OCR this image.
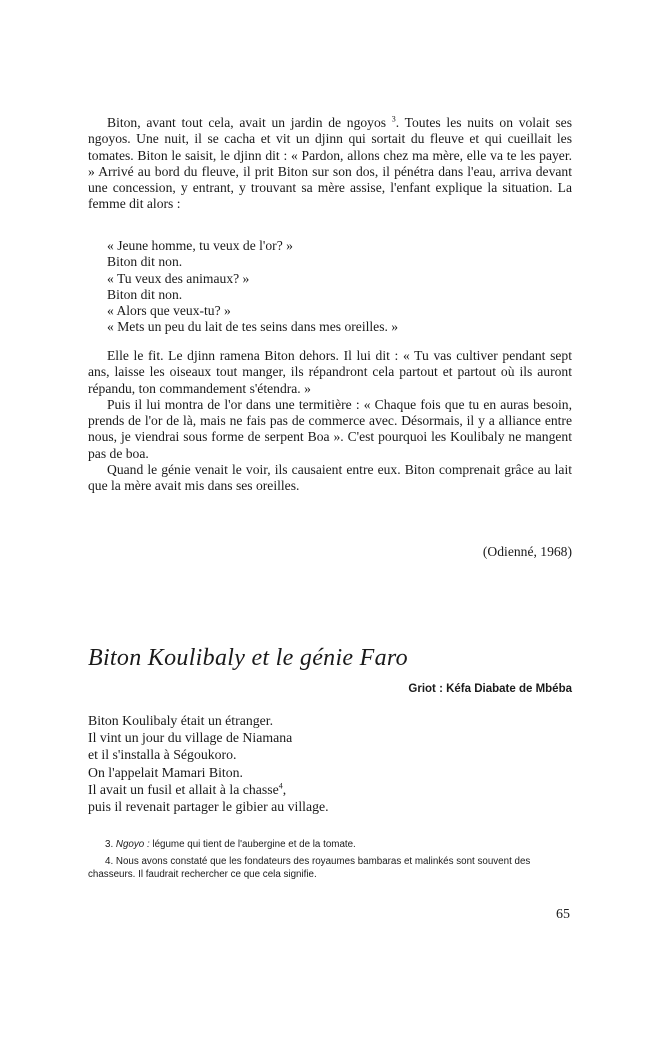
Biton, avant tout cela, avait un jardin de ngoyos $^3$. Toutes les nuits on volait ses ngoyos. Une nuit, il se cacha et vit un djinn qui sortait du fleuve et qui cueillait les tomates. Biton le saisit, le djinn dit : « Pardon, allons chez ma mère, elle va te les payer. » Arrivé au bord du fleuve, il prit Biton sur son dos, il pénétra dans l'eau, arriva devant une concession, y entrant, y trouvant sa mère assise, l'enfant explique la situation. La femme dit alors :

« Jeune homme, tu veux de l'or? »
Biton dit non.
« Tu veux des animaux? »
Biton dit non.
« Alors que veux-tu? »
« Mets un peu du lait de tes seins dans mes oreilles. »

Elle le fit. Le djinn ramena Biton dehors. Il lui dit : « Tu vas cultiver pendant sept ans, laisse les oiseaux tout manger, ils répandront cela partout et partout où ils auront répandu, ton commandement s'étendra. »

Puis il lui montra de l'or dans une termitière : « Chaque fois que tu en auras besoin, prends de l'or de là, mais ne fais pas de commerce avec. Désormais, il y a alliance entre nous, je viendrai sous forme de serpent Boa ». C'est pourquoi les Koulibaly ne mangent pas de boa.

Quand le génie venait le voir, ils causaient entre eux. Biton comprenait grâce au lait que la mère avait mis dans ses oreilles.

(Odienné, 1968)
Biton Koulibaly et le génie Faro
Griot : Kéfa Diabate de Mbéba
Biton Koulibaly était un étranger.
Il vint un jour du village de Niamana
et il s'installa à Ségoukoro.
On l'appelait Mamari Biton.
Il avait un fusil et allait à la chasse$^4$,
puis il revenait partager le gibier au village.

3. Ngoyo : légume qui tient de l'aubergine et de la tomate.

4. Nous avons constaté que les fondateurs des royaumes bambaras et malinkés sont souvent des chasseurs. Il faudrait rechercher ce que cela signifie.

65
